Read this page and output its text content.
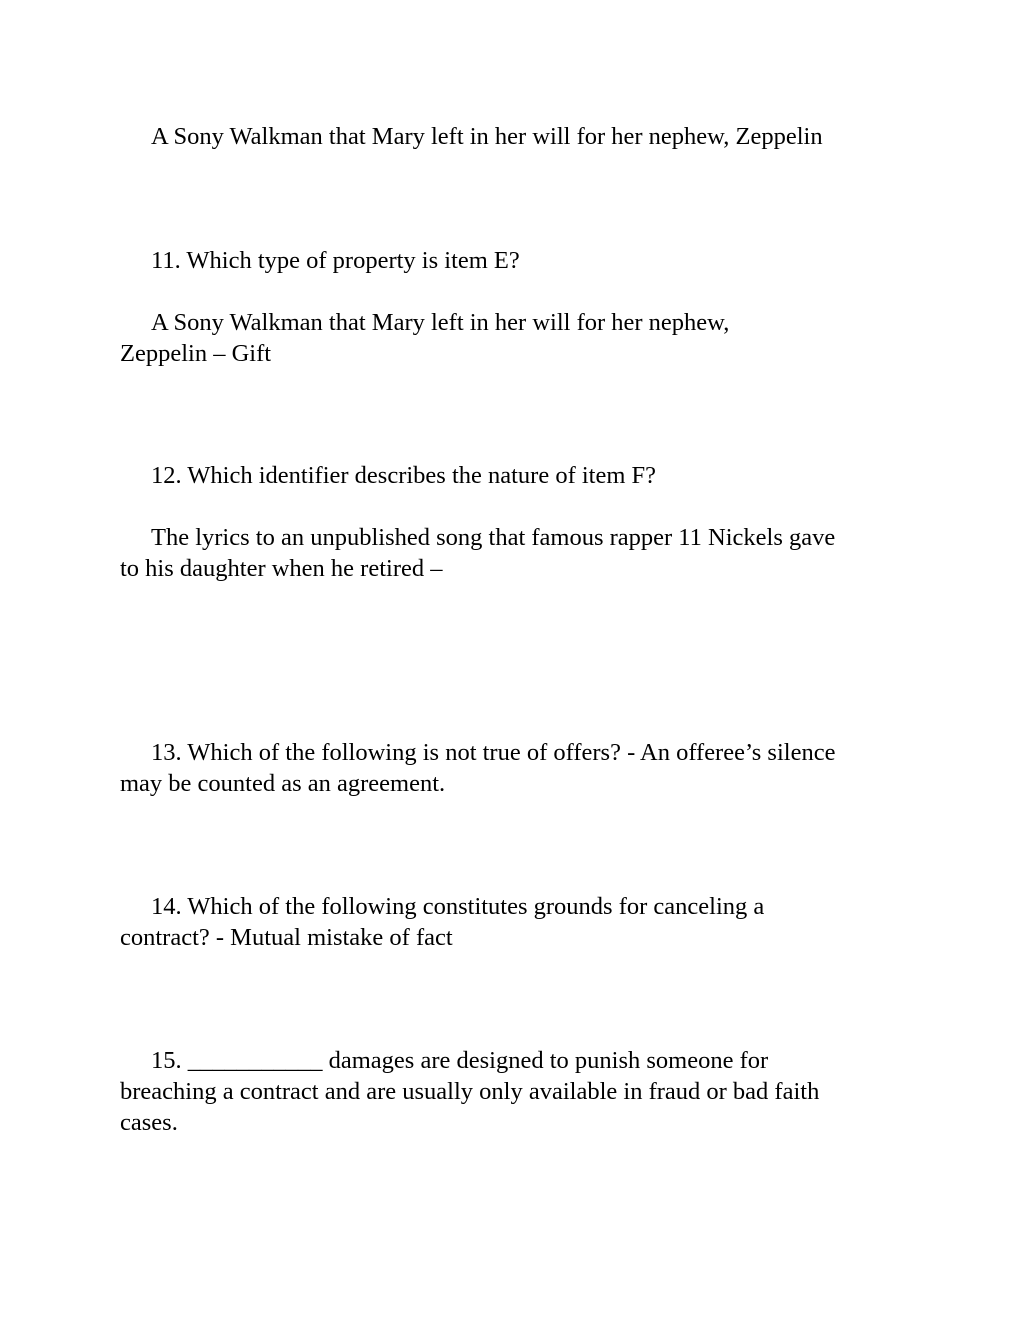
A Sony Walkman that Mary left in her will for her nephew, Zeppelin

11. Which type of property is item E?

A Sony Walkman that Mary left in her will for her nephew,
Zeppelin – Gift

12. Which identifier describes the nature of item F?

The lyrics to an unpublished song that famous rapper 11 Nickels gave
to his daughter when he retired –

13. Which of the following is not true of offers? - An offeree’s silence
may be counted as an agreement.

14. Which of the following constitutes grounds for canceling a
contract? - Mutual mistake of fact

15. ___________ damages are designed to punish someone for
breaching a contract and are usually only available in fraud or bad faith
cases.
